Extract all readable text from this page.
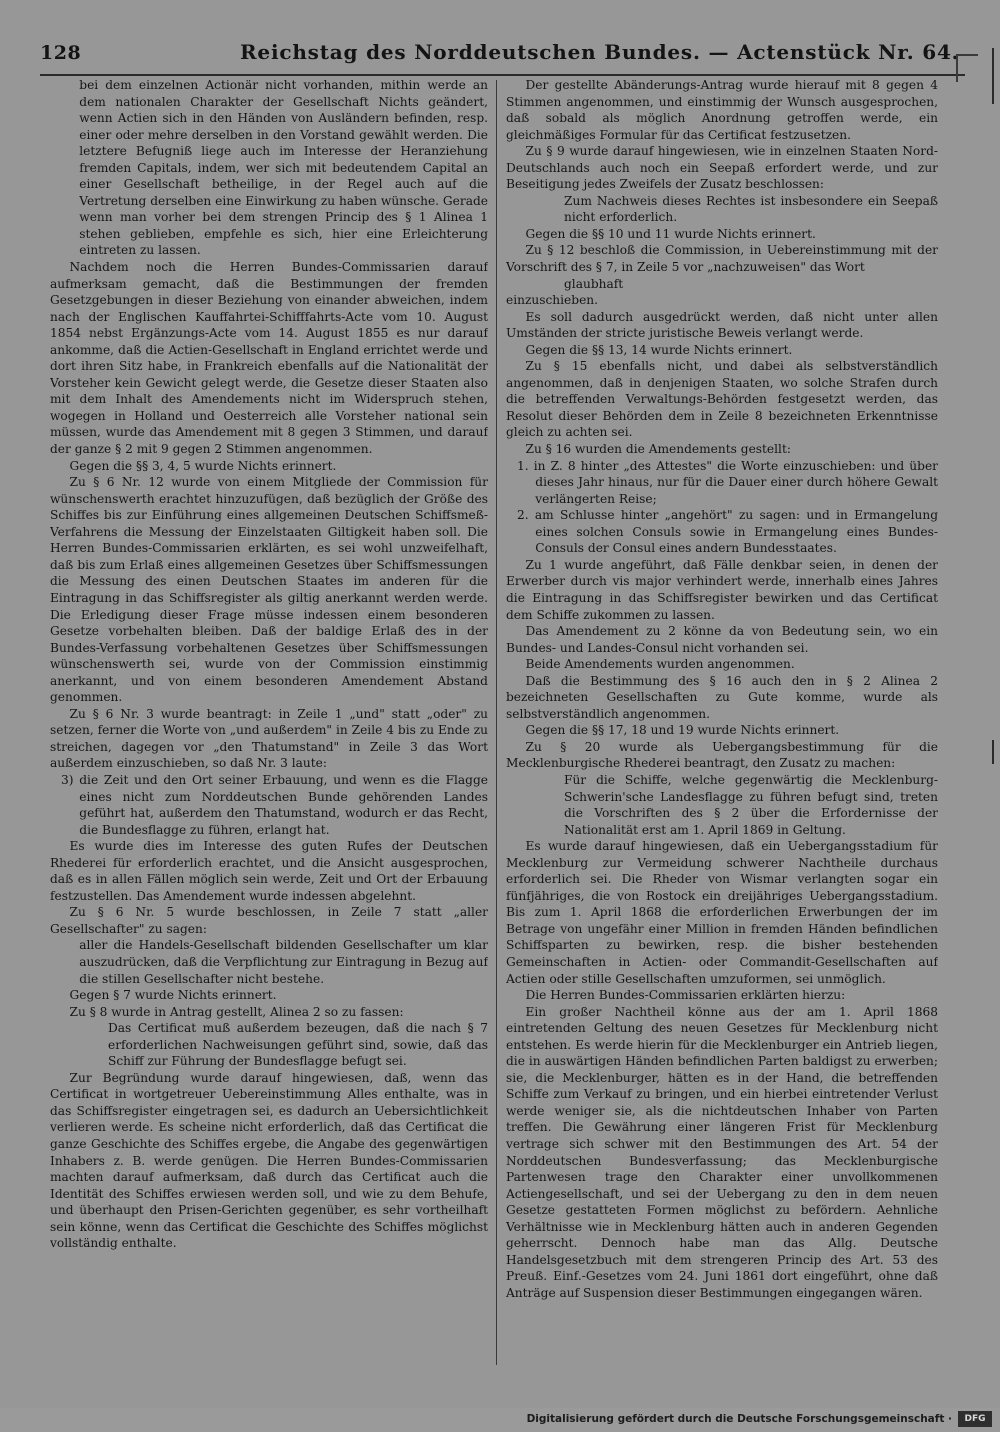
128	Reichstag des Norddeutschen Bundes. — Actenstück Nr. 64.

bei dem einzelnen Actionär nicht vorhanden, mithin werde an dem nationalen Charakter der Gesellschaft Nichts geändert, wenn Actien sich in den Händen von Ausländern befinden, resp. einer oder mehre derselben in den Vorstand gewählt werden. Die letztere Befugniß liege auch im Interesse der Heranziehung fremden Capitals, indem, wer sich mit bedeutendem Capital an einer Gesellschaft betheilige, in der Regel auch auf die Vertretung derselben eine Einwirkung zu haben wünsche. Gerade wenn man vorher bei dem strengen Princip des § 1 Alinea 1 stehen geblieben, empfehle es sich, hier eine Erleichterung eintreten zu lassen.

Nachdem noch die Herren Bundes-Commissarien darauf aufmerksam gemacht, daß die Bestimmungen der fremden Gesetzgebungen in dieser Beziehung von einander abweichen, indem nach der Englischen Kauffahrtei-Schifffahrts-Acte vom 10. August 1854 nebst Ergänzungs-Acte vom 14. August 1855 es nur darauf ankomme, daß die Actien-Gesellschaft in England errichtet werde und dort ihren Sitz habe, in Frankreich ebenfalls auf die Nationalität der Vorsteher kein Gewicht gelegt werde, die Gesetze dieser Staaten also mit dem Inhalt des Amendements nicht im Widerspruch stehen, wogegen in Holland und Oesterreich alle Vorsteher national sein müssen, wurde das Amendement mit 8 gegen 3 Stimmen, und darauf der ganze § 2 mit 9 gegen 2 Stimmen angenommen.

Gegen die §§ 3, 4, 5 wurde Nichts erinnert.

Zu § 6 Nr. 12 wurde von einem Mitgliede der Commission für wünschenswerth erachtet hinzuzufügen, daß bezüglich der Größe des Schiffes bis zur Einführung eines allgemeinen Deutschen Schiffsmeß-Verfahrens die Messung der Einzelstaaten Giltigkeit haben soll. Die Herren Bundes-Commissarien erklärten, es sei wohl unzweifelhaft, daß bis zum Erlaß eines allgemeinen Gesetzes über Schiffsmessungen die Messung des einen Deutschen Staates im anderen für die Eintragung in das Schiffsregister als giltig anerkannt werden werde. Die Erledigung dieser Frage müsse indessen einem besonderen Gesetze vorbehalten bleiben. Daß der baldige Erlaß des in der Bundes-Verfassung vorbehaltenen Gesetzes über Schiffsmessungen wünschenswerth sei, wurde von der Commission einstimmig anerkannt, und von einem besonderen Amendement Abstand genommen.

Zu § 6 Nr. 3 wurde beantragt: in Zeile 1 „und" statt „oder" zu setzen, ferner die Worte von „und außerdem" in Zeile 4 bis zu Ende zu streichen, dagegen vor „den Thatumstand" in Zeile 3 das Wort außerdem einzuschieben, so daß Nr. 3 laute:

3) die Zeit und den Ort seiner Erbauung, und wenn es die Flagge eines nicht zum Norddeutschen Bunde gehörenden Landes geführt hat, außerdem den Thatumstand, wodurch er das Recht, die Bundesflagge zu führen, erlangt hat.

Es wurde dies im Interesse des guten Rufes der Deutschen Rhederei für erforderlich erachtet, und die Ansicht ausgesprochen, daß es in allen Fällen möglich sein werde, Zeit und Ort der Erbauung festzustellen. Das Amendement wurde indessen abgelehnt.

Zu § 6 Nr. 5 wurde beschlossen, in Zeile 7 statt „aller Gesellschafter" zu sagen:

aller die Handels-Gesellschaft bildenden Gesellschafter um klar auszudrücken, daß die Verpflichtung zur Eintragung in Bezug auf die stillen Gesellschafter nicht bestehe.

Gegen § 7 wurde Nichts erinnert.

Zu § 8 wurde in Antrag gestellt, Alinea 2 so zu fassen:

Das Certificat muß außerdem bezeugen, daß die nach § 7 erforderlichen Nachweisungen geführt sind, sowie, daß das Schiff zur Führung der Bundesflagge befugt sei.

Zur Begründung wurde darauf hingewiesen, daß, wenn das Certificat in wortgetreuer Uebereinstimmung Alles enthalte, was in das Schiffsregister eingetragen sei, es dadurch an Uebersichtlichkeit verlieren werde. Es scheine nicht erforderlich, daß das Certificat die ganze Geschichte des Schiffes ergebe, die Angabe des gegenwärtigen Inhabers z. B. werde genügen. Die Herren Bundes-Commissarien machten darauf aufmerksam, daß durch das Certificat auch die Identität des Schiffes erwiesen werden soll, und wie zu dem Behufe, und überhaupt den Prisen-Gerichten gegenüber, es sehr vortheilhaft sein könne, wenn das Certificat die Geschichte des Schiffes möglichst vollständig enthalte.

Der gestellte Abänderungs-Antrag wurde hierauf mit 8 gegen 4 Stimmen angenommen, und einstimmig der Wunsch ausgesprochen, daß sobald als möglich Anordnung getroffen werde, ein gleichmäßiges Formular für das Certificat festzusetzen.

Zu § 9 wurde darauf hingewiesen, wie in einzelnen Staaten Nord-Deutschlands auch noch ein Seepaß erfordert werde, und zur Beseitigung jedes Zweifels der Zusatz beschlossen:

Zum Nachweis dieses Rechtes ist insbesondere ein Seepaß nicht erforderlich.

Gegen die §§ 10 und 11 wurde Nichts erinnert.

Zu § 12 beschloß die Commission, in Uebereinstimmung mit der Vorschrift des § 7, in Zeile 5 vor „nachzuweisen" das Wort

glaubhaft

einzuschieben.

Es soll dadurch ausgedrückt werden, daß nicht unter allen Umständen der stricte juristische Beweis verlangt werde.

Gegen die §§ 13, 14 wurde Nichts erinnert.

Zu § 15 ebenfalls nicht, und dabei als selbstverständlich angenommen, daß in denjenigen Staaten, wo solche Strafen durch die betreffenden Verwaltungs-Behörden festgesetzt werden, das Resolut dieser Behörden dem in Zeile 8 bezeichneten Erkenntnisse gleich zu achten sei.

Zu § 16 wurden die Amendements gestellt:

1. in Z. 8 hinter „des Attestes" die Worte einzuschieben: und über dieses Jahr hinaus, nur für die Dauer einer durch höhere Gewalt verlängerten Reise;

2. am Schlusse hinter „angehört" zu sagen: und in Ermangelung eines solchen Consuls sowie in Ermangelung eines Bundes-Consuls der Consul eines andern Bundesstaates.

Zu 1 wurde angeführt, daß Fälle denkbar seien, in denen der Erwerber durch vis major verhindert werde, innerhalb eines Jahres die Eintragung in das Schiffsregister bewirken und das Certificat dem Schiffe zukommen zu lassen.

Das Amendement zu 2 könne da von Bedeutung sein, wo ein Bundes- und Landes-Consul nicht vorhanden sei.

Beide Amendements wurden angenommen.

Daß die Bestimmung des § 16 auch den in § 2 Alinea 2 bezeichneten Gesellschaften zu Gute komme, wurde als selbstverständlich angenommen.

Gegen die §§ 17, 18 und 19 wurde Nichts erinnert.

Zu § 20 wurde als Uebergangsbestimmung für die Mecklenburgische Rhederei beantragt, den Zusatz zu machen:

Für die Schiffe, welche gegenwärtig die Mecklenburg-Schwerin'sche Landesflagge zu führen befugt sind, treten die Vorschriften des § 2 über die Erfordernisse der Nationalität erst am 1. April 1869 in Geltung.

Es wurde darauf hingewiesen, daß ein Uebergangsstadium für Mecklenburg zur Vermeidung schwerer Nachtheile durchaus erforderlich sei. Die Rheder von Wismar verlangten sogar ein fünfjähriges, die von Rostock ein dreijähriges Uebergangsstadium. Bis zum 1. April 1868 die erforderlichen Erwerbungen der im Betrage von ungefähr einer Million in fremden Händen befindlichen Schiffsparten zu bewirken, resp. die bisher bestehenden Gemeinschaften in Actien- oder Commandit-Gesellschaften auf Actien oder stille Gesellschaften umzuformen, sei unmöglich.

Die Herren Bundes-Commissarien erklärten hierzu:

Ein großer Nachtheil könne aus der am 1. April 1868 eintretenden Geltung des neuen Gesetzes für Mecklenburg nicht entstehen. Es werde hierin für die Mecklenburger ein Antrieb liegen, die in auswärtigen Händen befindlichen Parten baldigst zu erwerben; sie, die Mecklenburger, hätten es in der Hand, die betreffenden Schiffe zum Verkauf zu bringen, und ein hierbei eintretender Verlust werde weniger sie, als die nichtdeutschen Inhaber von Parten treffen. Die Gewährung einer längeren Frist für Mecklenburg vertrage sich schwer mit den Bestimmungen des Art. 54 der Norddeutschen Bundesverfassung; das Mecklenburgische Partenwesen trage den Charakter einer unvollkommenen Actiengesellschaft, und sei der Uebergang zu den in dem neuen Gesetze gestatteten Formen möglichst zu befördern. Aehnliche Verhältnisse wie in Mecklenburg hätten auch in anderen Gegenden geherrscht. Dennoch habe man das Allg. Deutsche Handelsgesetzbuch mit dem strengeren Princip des Art. 53 des Preuß. Einf.-Gesetzes vom 24. Juni 1861 dort eingeführt, ohne daß Anträge auf Suspension dieser Bestimmungen eingegangen wären.

Digitalisierung gefördert durch die Deutsche Forschungsgemeinschaft ·	DFG
